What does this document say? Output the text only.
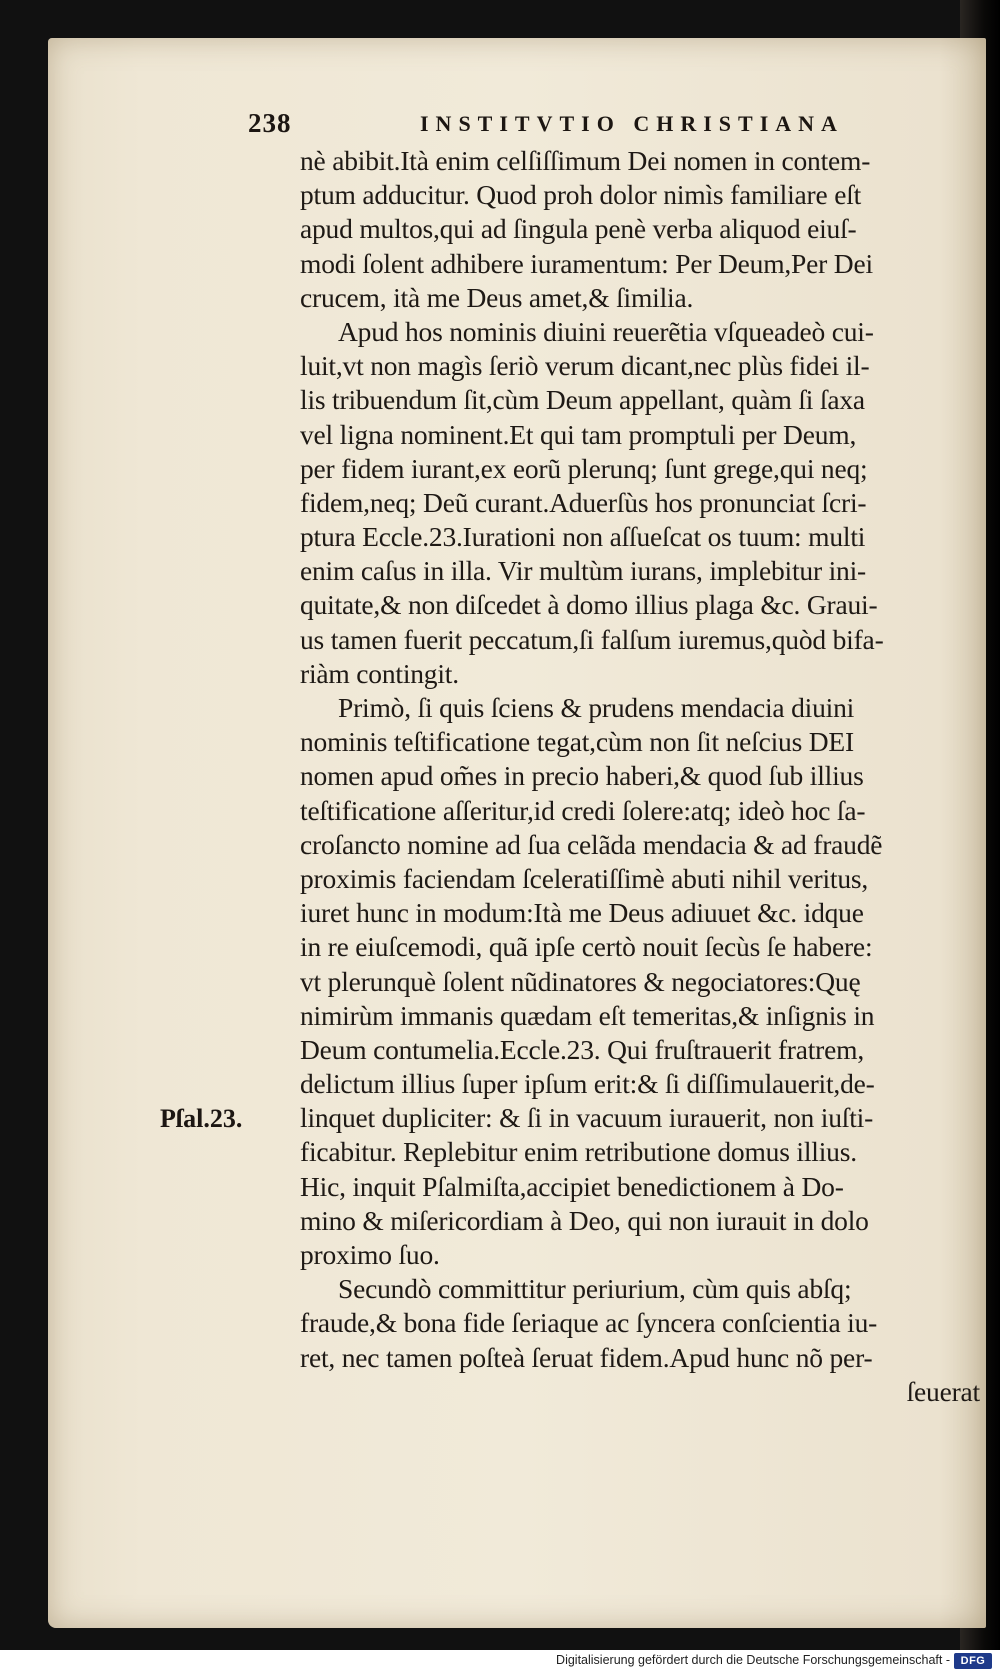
238	INSTITVTIO CHRISTIANA
Pſal.23.
nè abibit.Ità enim celſiſſimum Dei nomen in contem-
ptum adducitur. Quod proh dolor nimìs familiare eſt
apud multos,qui ad ſingula penè verba aliquod eiuſ-
modi ſolent adhibere iuramentum: Per Deum,Per Dei
crucem, ità me Deus amet,& ſimilia.
Apud hos nominis diuini reuerẽtia vſqueadeò cui-
luit,vt non magìs ſeriò verum dicant,nec plùs fidei il-
lis tribuendum ſit,cùm Deum appellant, quàm ſi ſaxa
vel ligna nominent.Et qui tam promptuli per Deum,
per fidem iurant,ex eorũ plerunq; ſunt grege,qui neq;
fidem,neq; Deũ curant.Aduerſùs hos pronunciat ſcri-
ptura Eccle.23.Iurationi non aſſueſcat os tuum: multi
enim caſus in illa. Vir multùm iurans, implebitur ini-
quitate,& non diſcedet à domo illius plaga &c. Graui-
us tamen fuerit peccatum,ſi falſum iuremus,quòd bifa-
riàm contingit.
Primò, ſi quis ſciens & prudens mendacia diuini
nominis teſtificatione tegat,cùm non ſit neſcius DEI
nomen apud om̃es in precio haberi,& quod ſub illius
teſtificatione aſſeritur,id credi ſolere:atq; ideò hoc ſa-
croſancto nomine ad ſua celãda mendacia & ad fraudẽ
proximis faciendam ſceleratiſſimè abuti nihil veritus,
iuret hunc in modum:Ità me Deus adiuuet &c. idque
in re eiuſcemodi, quã ipſe certò nouit ſecùs ſe habere:
vt plerunquè ſolent nũdinatores & negociatores:Quę
nimirùm immanis quædam eſt temeritas,& inſignis in
Deum contumelia.Eccle.23. Qui fruſtrauerit fratrem,
delictum illius ſuper ipſum erit:& ſi diſſimulauerit,de-
linquet dupliciter: & ſi in vacuum iurauerit, non iuſti-
ficabitur. Replebitur enim retributione domus illius.
Hic, inquit Pſalmiſta,accipiet benedictionem à Do-
mino & miſericordiam à Deo, qui non iurauit in dolo
proximo ſuo.
Secundò committitur periurium, cùm quis abſq;
fraude,& bona fide ſeriaque ac ſyncera conſcientia iu-
ret, nec tamen poſteà ſeruat fidem.Apud hunc nõ per-
ſeuerat
Digitalisierung gefördert durch die Deutsche Forschungsgemeinschaft - DFG
